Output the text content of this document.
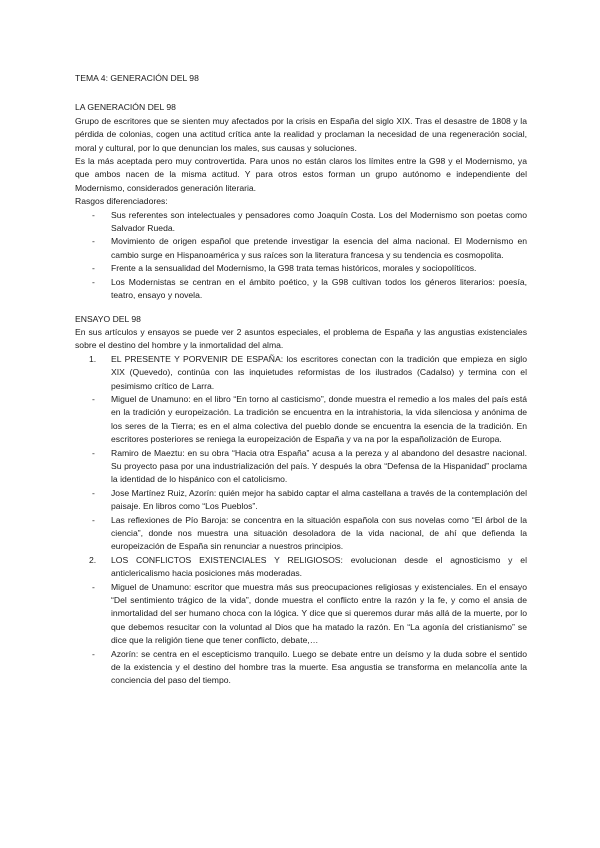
TEMA 4: GENERACIÓN DEL 98

LA GENERACIÓN DEL 98

Grupo de escritores que se sienten muy afectados por la crisis en España del siglo XIX. Tras el desastre de 1808 y la pérdida de colonias, cogen una actitud crítica ante la realidad y proclaman la necesidad de una regeneración social, moral y cultural, por lo que denuncian los males, sus causas y soluciones.

Es la más aceptada pero muy controvertida. Para unos no están claros los límites entre la G98 y el Modernismo, ya que ambos nacen de la misma actitud. Y para otros estos forman un grupo autónomo e independiente del Modernismo, considerados generación literaria.

Rasgos diferenciadores:

- Sus referentes son intelectuales y pensadores como Joaquín Costa. Los del Modernismo son poetas como Salvador Rueda.
- Movimiento de origen español que pretende investigar la esencia del alma nacional. El Modernismo en cambio surge en Hispanoamérica y sus raíces son la literatura francesa y su tendencia es cosmopolita.
- Frente a la sensualidad del Modernismo, la G98 trata temas históricos, morales y sociopolíticos.
- Los Modernistas se centran en el ámbito poético, y la G98 cultivan todos los géneros literarios: poesía, teatro, ensayo y novela.

ENSAYO DEL 98

En sus artículos y ensayos se puede ver 2 asuntos especiales, el problema de España y las angustias existenciales sobre el destino del hombre y la inmortalidad del alma.

1. EL PRESENTE Y PORVENIR DE ESPAÑA: los escritores conectan con la tradición que empieza en siglo XIX (Quevedo), continúa con las inquietudes reformistas de los ilustrados (Cadalso) y termina con el pesimismo crítico de Larra.
- Miguel de Unamuno: en el libro “En torno al casticismo”, donde muestra el remedio a los males del país está en la tradición y europeización. La tradición se encuentra en la intrahistoria, la vida silenciosa y anónima de los seres de la Tierra; es en el alma colectiva del pueblo donde se encuentra la esencia de la tradición. En escritores posteriores se reniega la europeización de España y va na por la españolización de Europa.
- Ramiro de Maeztu: en su obra “Hacia otra España” acusa a la pereza y al abandono del desastre nacional. Su proyecto pasa por una industrialización del país. Y después la obra “Defensa de la Hispanidad” proclama la identidad de lo hispánico con el catolicismo.
- Jose Martínez Ruiz, Azorín: quién mejor ha sabido captar el alma castellana a través de la contemplación del paisaje. En libros como “Los Pueblos”.
- Las reflexiones de Pío Baroja: se concentra en la situación española con sus novelas como “El árbol de la ciencia”, donde nos muestra una situación desoladora de la vida nacional, de ahí que defienda la europeización de España sin renunciar a nuestros principios.
2. LOS CONFLICTOS EXISTENCIALES Y RELIGIOSOS: evolucionan desde el agnosticismo y el anticlericalismo hacia posiciones más moderadas.
- Miguel de Unamuno: escritor que muestra más sus preocupaciones religiosas y existenciales. En el ensayo “Del sentimiento trágico de la vida”, donde muestra el conflicto entre la razón y la fe, y como el ansia de inmortalidad del ser humano choca con la lógica. Y dice que si queremos durar más allá de la muerte, por lo que debemos resucitar con la voluntad al Dios que ha matado la razón. En “La agonía del cristianismo” se dice que la religión tiene que tener conflicto, debate,…
- Azorín: se centra en el escepticismo tranquilo. Luego se debate entre un deísmo y la duda sobre el sentido de la existencia y el destino del hombre tras la muerte. Esa angustia se transforma en melancolía ante la conciencia del paso del tiempo.
